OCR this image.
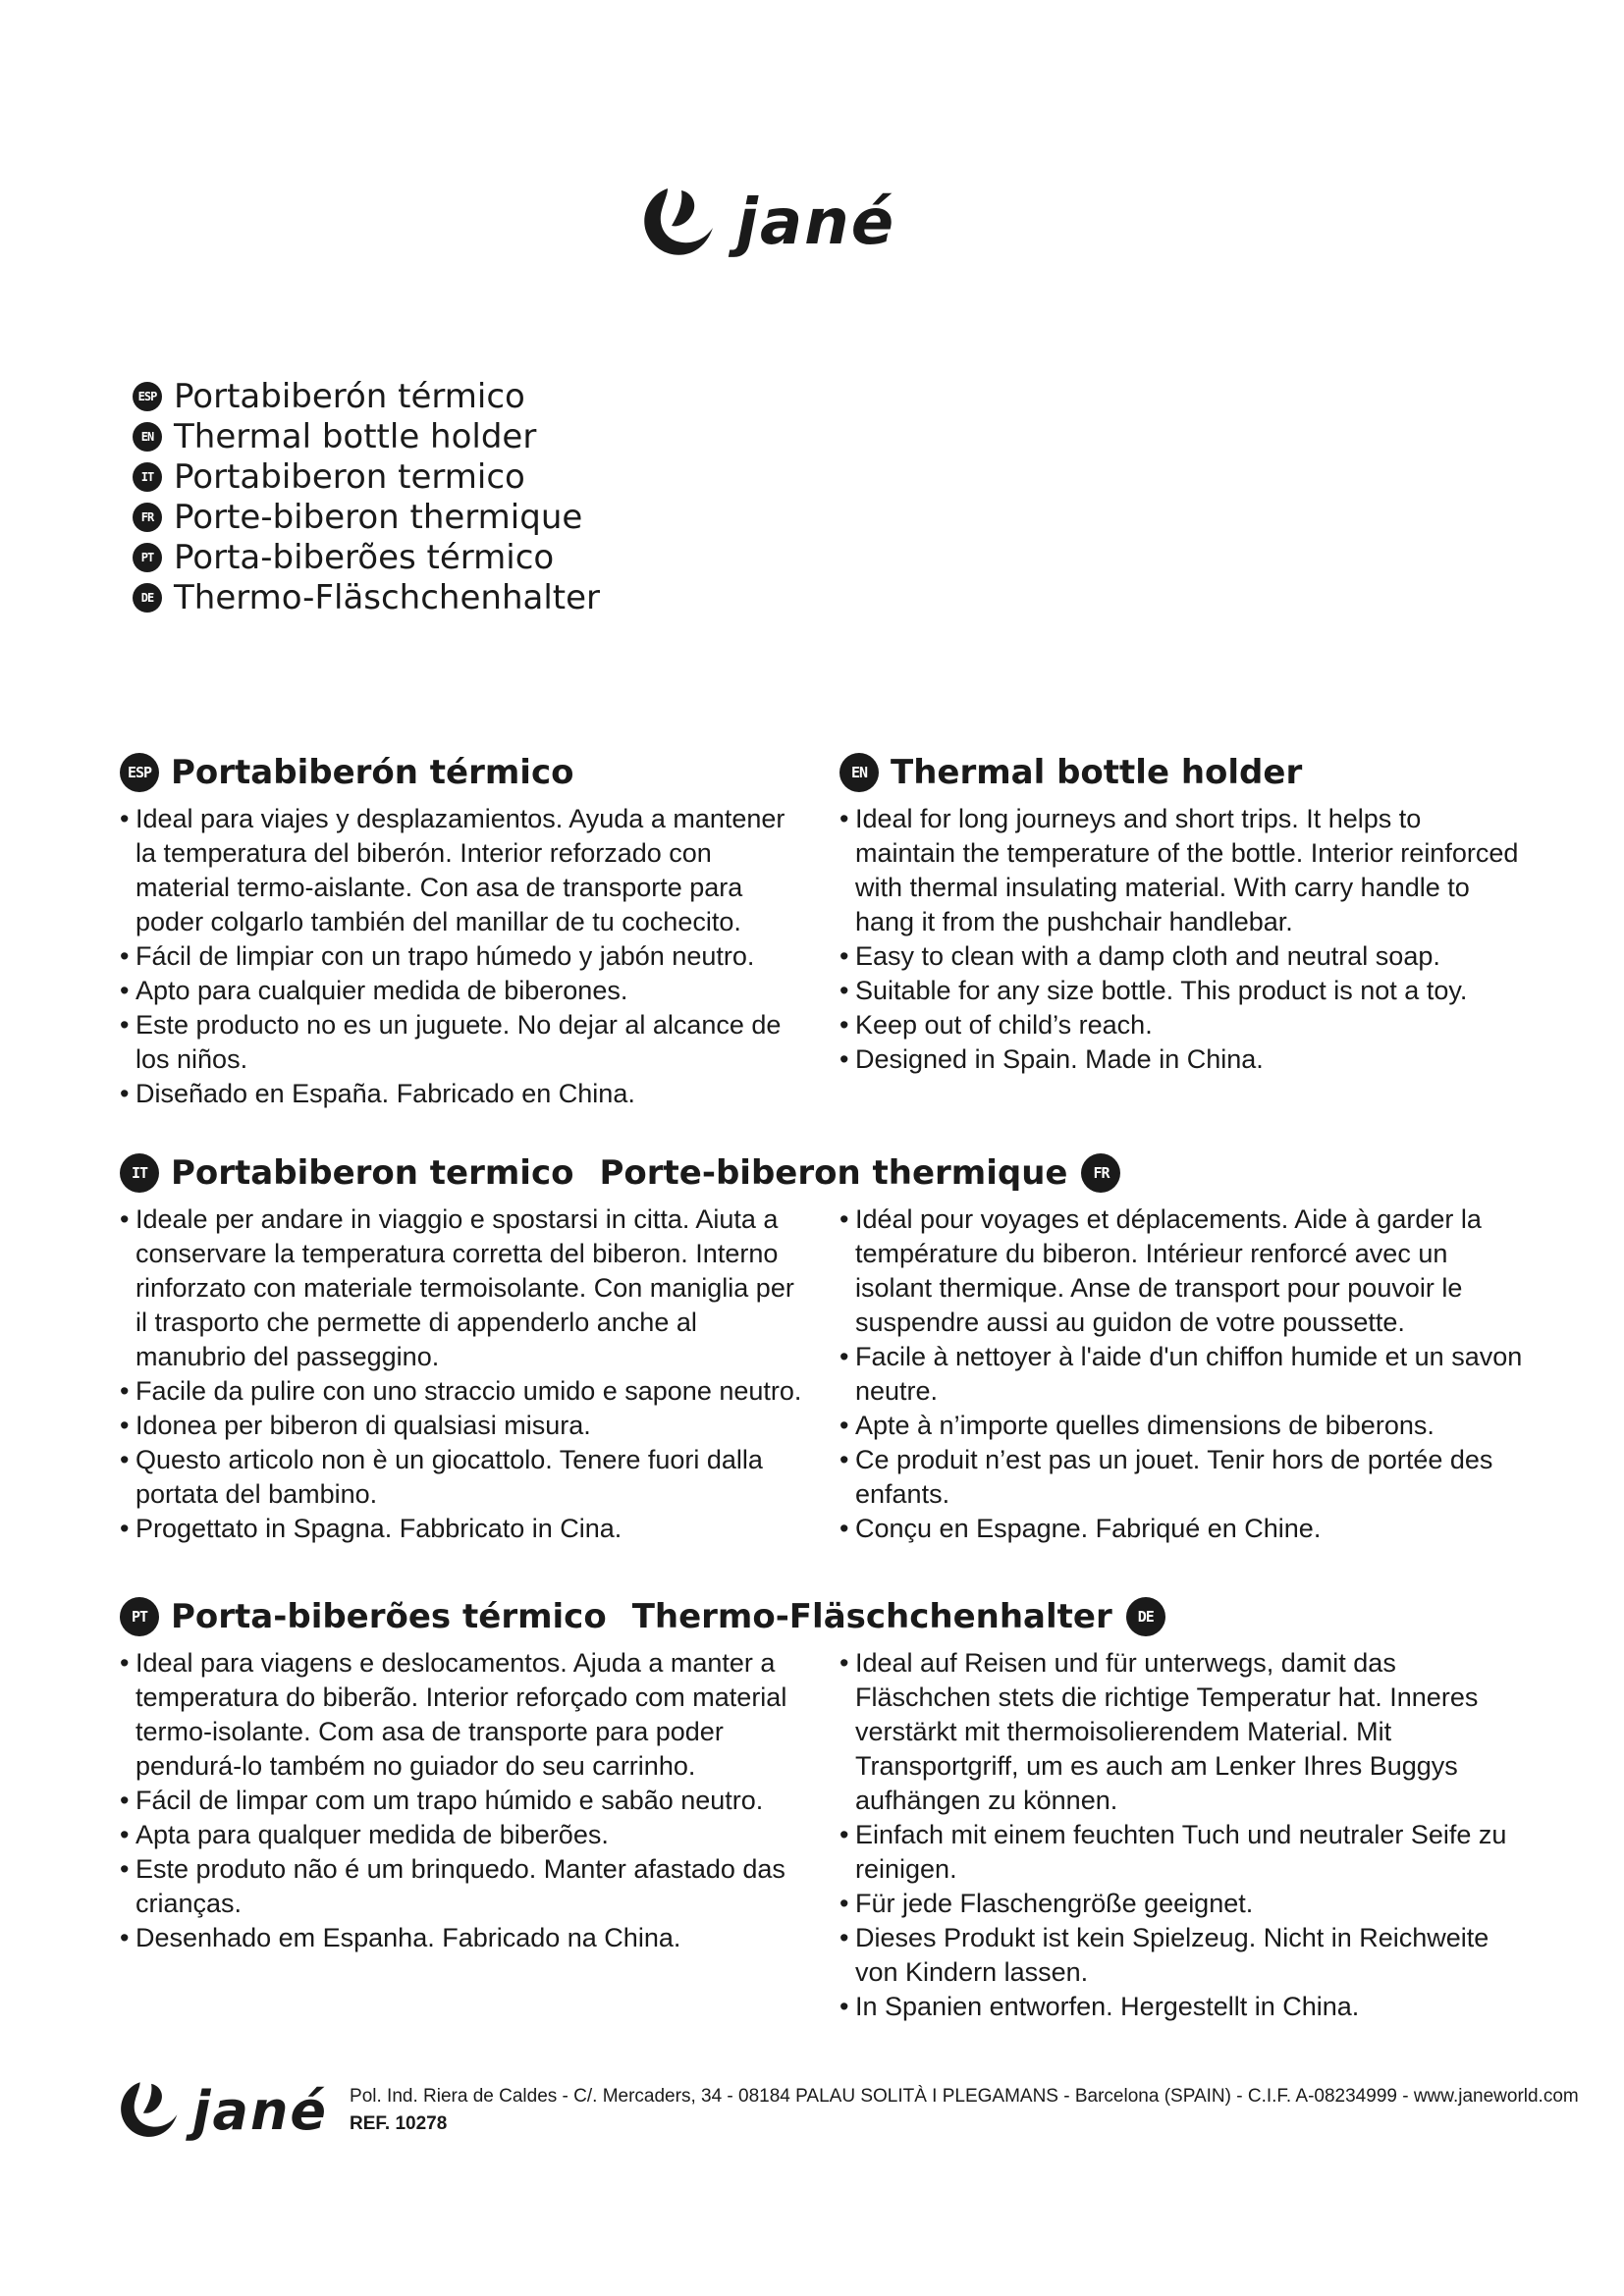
jané
ESP Portabiberón térmico
EN Thermal bottle holder
IT Portabiberon termico
FR Porte-biberon thermique
PT Porta-biberões térmico
DE Thermo-Fläschchenhalter
ESP Portabiberón térmico
• Ideal para viajes y desplazamientos. Ayuda a mantener la temperatura del biberón. Interior reforzado con material termo-aislante. Con asa de transporte para poder colgarlo también del manillar de tu cochecito.
• Fácil de limpiar con un trapo húmedo y jabón neutro.
• Apto para cualquier medida de biberones.
• Este producto no es un juguete. No dejar al alcance de los niños.
• Diseñado en España. Fabricado en China.
EN Thermal bottle holder
• Ideal for long journeys and short trips. It helps to maintain the temperature of the bottle. Interior reinforced with thermal insulating material. With carry handle to hang it from the pushchair handlebar.
• Easy to clean with a damp cloth and neutral soap.
• Suitable for any size bottle. This product is not a toy.
• Keep out of child’s reach.
• Designed in Spain. Made in China.
IT Portabiberon termico Porte-biberon thermique	FR
• Ideale per andare in viaggio e spostarsi in citta. Aiuta a conservare la temperatura corretta del biberon. Interno rinforzato con materiale termoisolante. Con maniglia per il trasporto che permette di appenderlo anche al manubrio del passeggino.
• Facile da pulire con uno straccio umido e sapone neutro.
• Idonea per biberon di qualsiasi misura.
• Questo articolo non è un giocattolo. Tenere fuori dalla portata del bambino.
• Progettato in Spagna. Fabbricato in Cina.
• Idéal pour voyages et déplacements. Aide à garder la température du biberon. Intérieur renforcé avec un isolant thermique. Anse de transport pour pouvoir le suspendre aussi au guidon de votre poussette.
• Facile à nettoyer à l'aide d'un chiffon humide et un savon neutre.
• Apte à n’importe quelles dimensions de biberons.
• Ce produit n’est pas un jouet. Tenir hors de portée des enfants.
• Conçu en Espagne. Fabriqué en Chine.
PT Porta-biberões térmico Thermo-Fläschchenhalter	DE
• Ideal para viagens e deslocamentos. Ajuda a manter a temperatura do biberão. Interior reforçado com material termo-isolante. Com asa de transporte para poder pendurá-lo também no guiador do seu carrinho.
• Fácil de limpar com um trapo húmido e sabão neutro.
• Apta para qualquer medida de biberões.
• Este produto não é um brinquedo. Manter afastado das crianças.
• Desenhado em Espanha. Fabricado na China.
• Ideal auf Reisen und für unterwegs, damit das Fläschchen stets die richtige Temperatur hat. Inneres verstärkt mit thermoisolierendem Material. Mit Transportgriff, um es auch am Lenker Ihres Buggys aufhängen zu können.
• Einfach mit einem feuchten Tuch und neutraler Seife zu reinigen.
• Für jede Flaschengröße geeignet.
• Dieses Produkt ist kein Spielzeug. Nicht in Reichweite von Kindern lassen.
• In Spanien entworfen. Hergestellt in China.
jané Pol. Ind. Riera de Caldes - C/. Mercaders, 34 - 08184 PALAU SOLITÀ I PLEGAMANS - Barcelona (SPAIN) - C.I.F. A-08234999 - www.janeworld.com
REF. 10278
